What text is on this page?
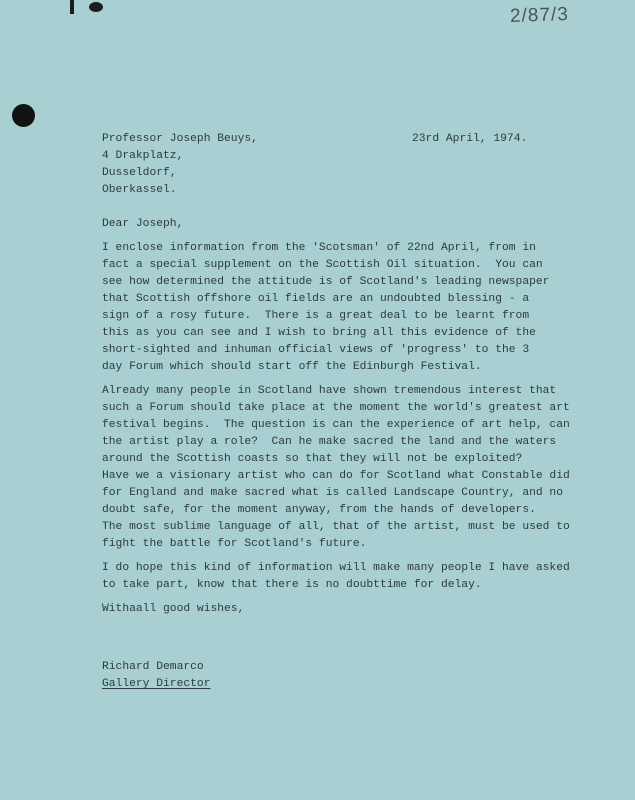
2/87/3
Professor Joseph Beuys,	23rd April, 1974.
4 Drakplatz,
Dusseldorf,
Oberkassel.
Dear Joseph,
I enclose information from the 'Scotsman' of 22nd April, from in
fact a special supplement on the Scottish Oil situation.  You can
see how determined the attitude is of Scotland's leading newspaper
that Scottish offshore oil fields are an undoubted blessing - a
sign of a rosy future.  There is a great deal to be learnt from
this as you can see and I wish to bring all this evidence of the
short-sighted and inhuman official views of 'progress' to the 3
day Forum which should start off the Edinburgh Festival.
Already many people in Scotland have shown tremendous interest that
such a Forum should take place at the moment the world's greatest art
festival begins.  The question is can the experience of art help, can
the artist play a role?  Can he make sacred the land and the waters
around the Scottish coasts so that they will not be exploited?
Have we a visionary artist who can do for Scotland what Constable did
for England and make sacred what is called Landscape Country, and no
doubt safe, for the moment anyway, from the hands of developers.
The most sublime language of all, that of the artist, must be used to
fight the battle for Scotland's future.
I do hope this kind of information will make many people I have asked
to take part, know that there is no doubttime for delay.
Withaall good wishes,
Richard Demarco
Gallery Director
